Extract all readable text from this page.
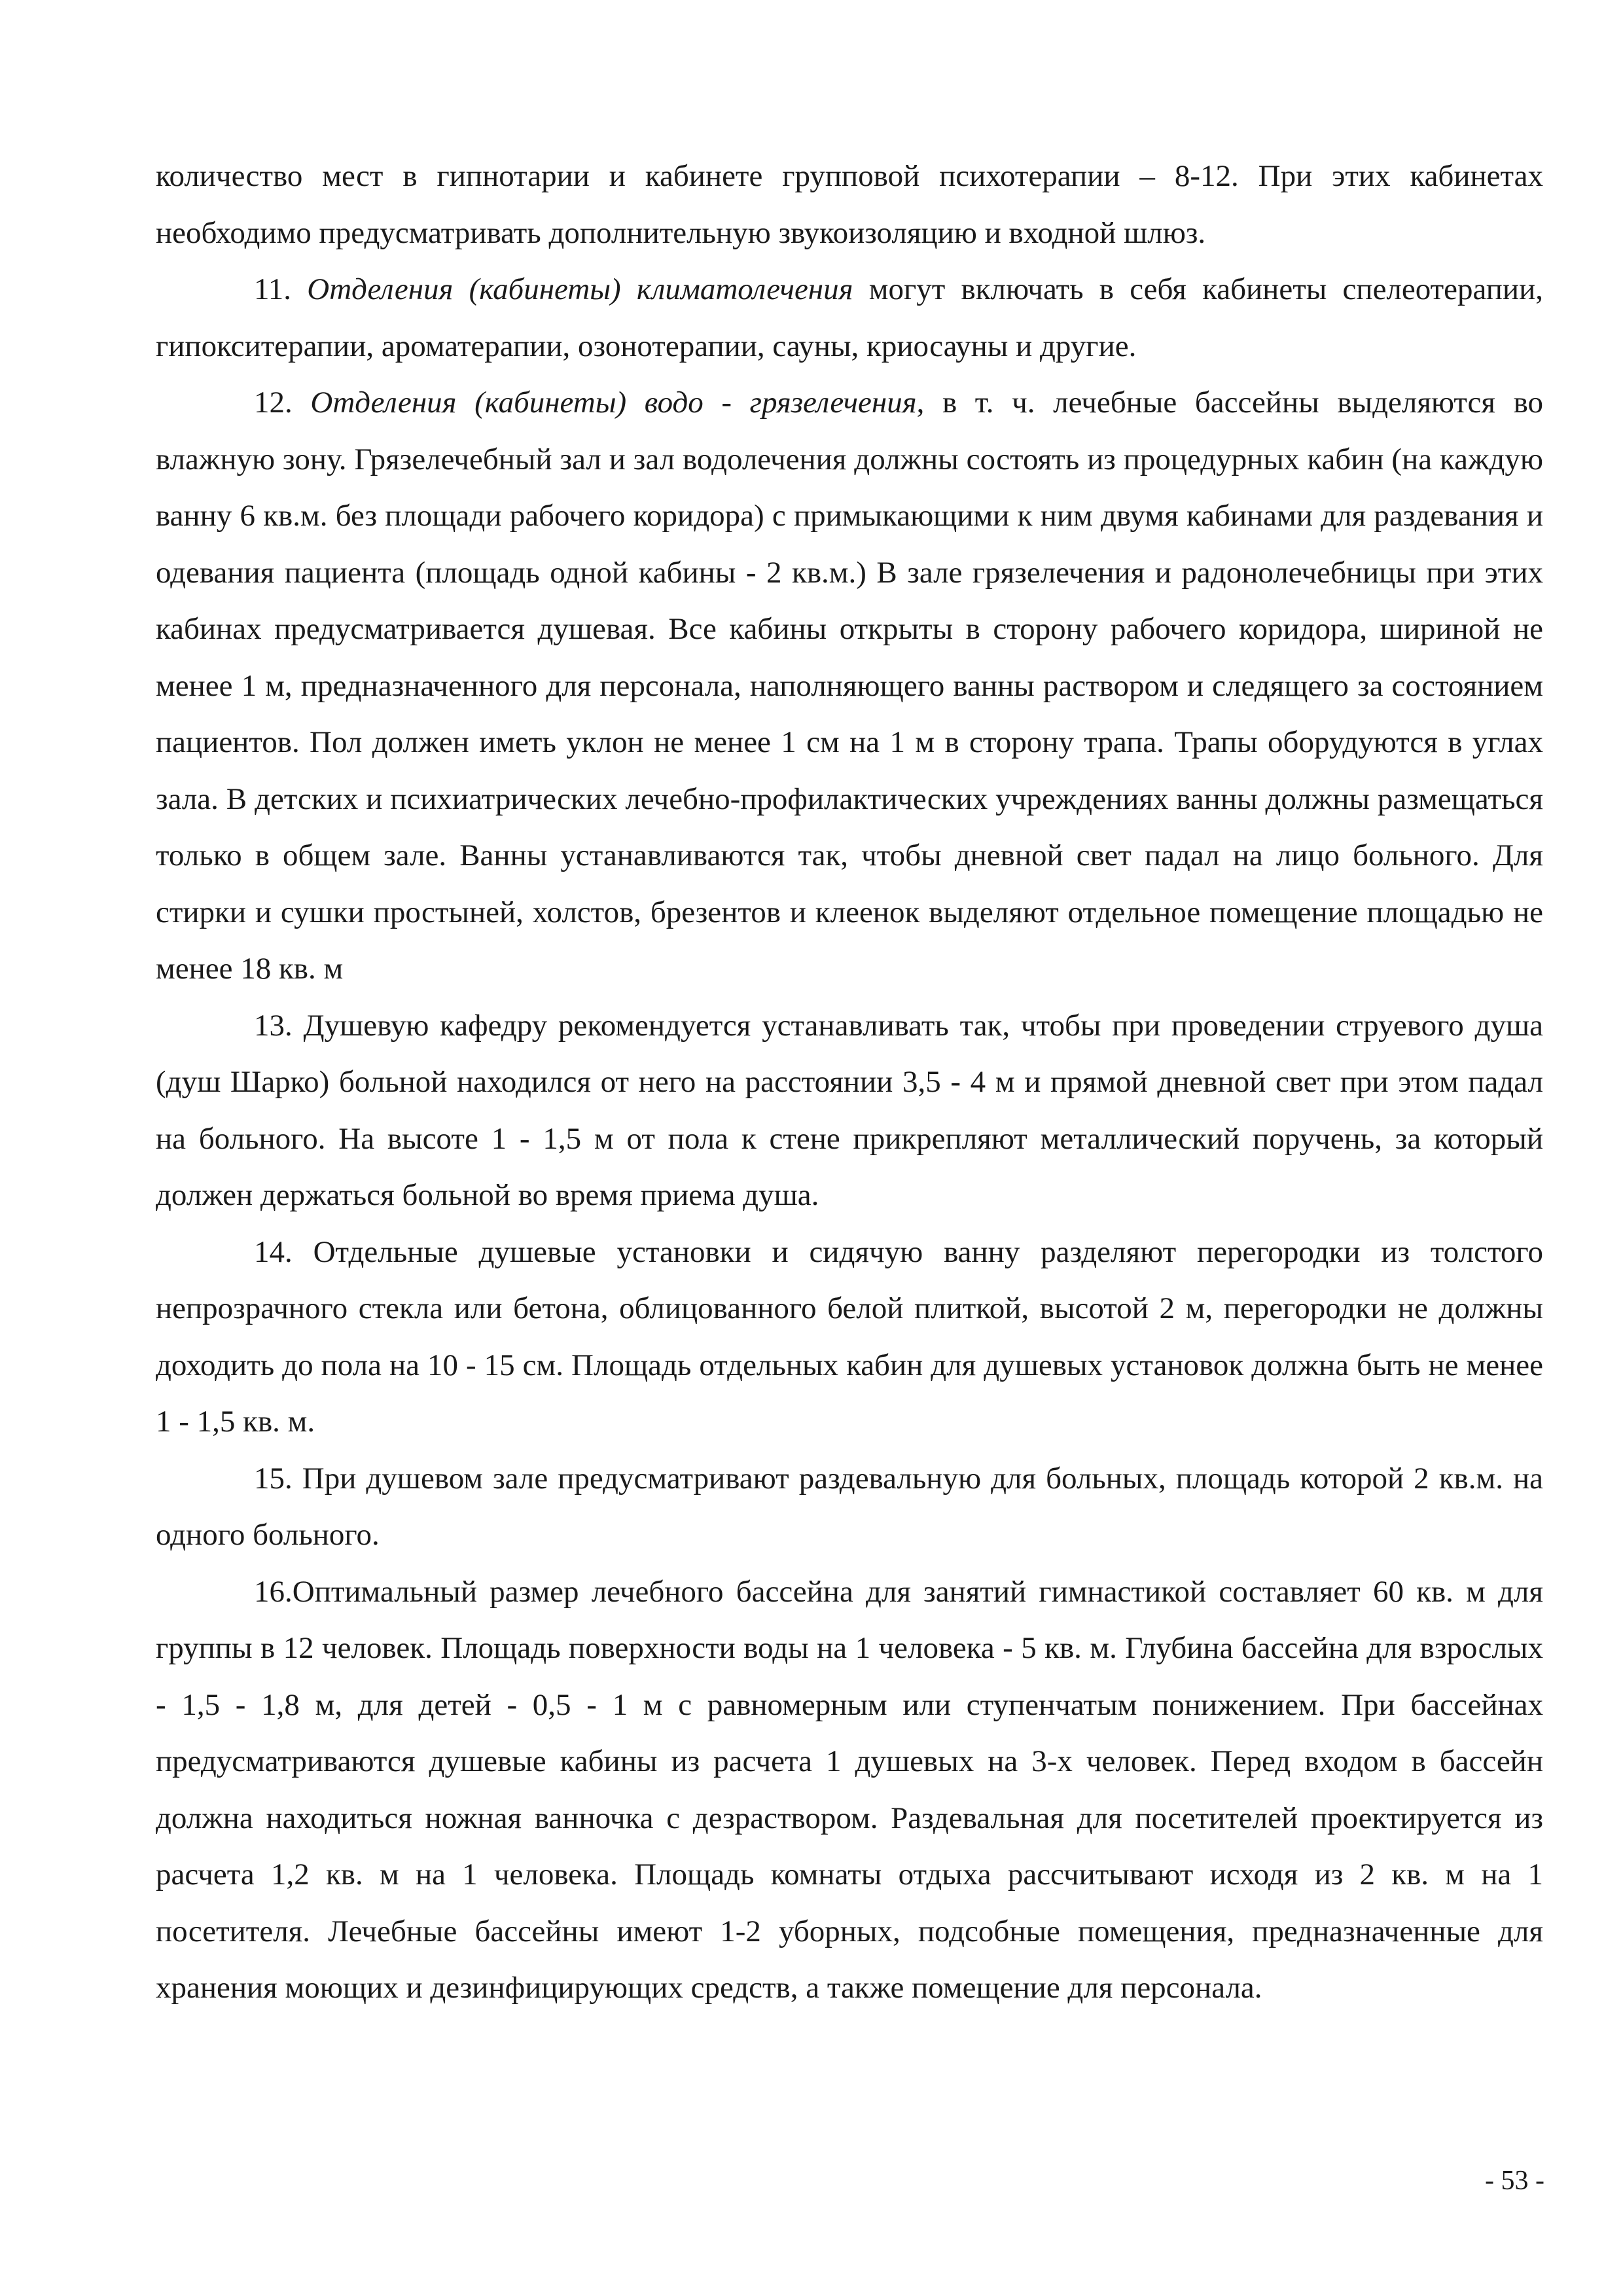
количество мест в гипнотарии и кабинете групповой психотерапии – 8-12. При этих кабинетах необходимо предусматривать дополнительную звукоизоляцию и входной шлюз.

11. Отделения (кабинеты) климатолечения могут включать в себя кабинеты спелеотерапии, гипокситерапии, ароматерапии, озонотерапии, сауны, криосауны и другие.

12. Отделения (кабинеты) водо - грязелечения, в т. ч. лечебные бассейны выделяются во влажную зону. Грязелечебный зал и зал водолечения должны состоять из процедурных кабин (на каждую ванну 6 кв.м. без площади рабочего коридора) с примыкающими к ним двумя кабинами для раздевания и одевания пациента (площадь одной кабины - 2 кв.м.) В зале грязелечения и радонолечебницы при этих кабинах предусматривается душевая. Все кабины открыты в сторону рабочего коридора, шириной не менее 1 м, предназначенного для персонала, наполняющего ванны раствором и следящего за состоянием пациентов. Пол должен иметь уклон не менее 1 см на 1 м в сторону трапа. Трапы оборудуются в углах зала. В детских и психиатрических лечебно-профилактических учреждениях ванны должны размещаться только в общем зале. Ванны устанавливаются так, чтобы дневной свет падал на лицо больного. Для стирки и сушки простыней, холстов, брезентов и клеенок выделяют отдельное помещение площадью не менее 18 кв. м

13. Душевую кафедру рекомендуется устанавливать так, чтобы при проведении струевого душа (душ Шарко) больной находился от него на расстоянии 3,5 - 4 м и прямой дневной свет при этом падал на больного. На высоте 1 - 1,5 м от пола к стене прикрепляют металлический поручень, за который должен держаться больной во время приема душа.

14. Отдельные душевые установки и сидячую ванну разделяют перегородки из толстого непрозрачного стекла или бетона, облицованного белой плиткой, высотой 2 м, перегородки не должны доходить до пола на 10 - 15 см. Площадь отдельных кабин для душевых установок должна быть не менее 1 - 1,5 кв. м.

15. При душевом зале предусматривают раздевальную для больных, площадь которой 2 кв.м. на одного больного.

16.Оптимальный размер лечебного бассейна для занятий гимнастикой составляет 60 кв. м для группы в 12 человек. Площадь поверхности воды на 1 человека - 5 кв. м. Глубина бассейна для взрослых - 1,5 - 1,8 м, для детей - 0,5 - 1 м с равномерным или ступенчатым понижением. При бассейнах предусматриваются душевые кабины из расчета 1 душевых на 3-х человек. Перед входом в бассейн должна находиться ножная ванночка с дезраствором. Раздевальная для посетителей проектируется из расчета 1,2 кв. м на 1 человека. Площадь комнаты отдыха рассчитывают исходя из 2 кв. м на 1 посетителя. Лечебные бассейны имеют 1-2 уборных, подсобные помещения, предназначенные для хранения моющих и дезинфицирующих средств, а также помещение для персонала.

- 53 -
